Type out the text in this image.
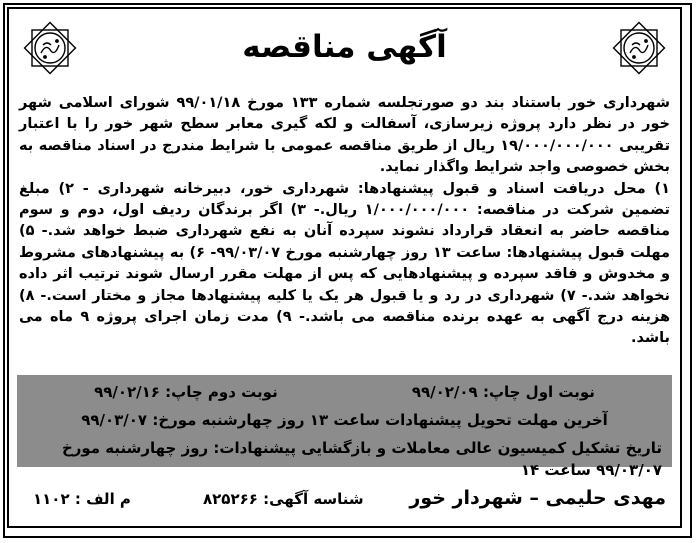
آگهی مناقصه

شهرداری خور باستناد بند دو صورتجلسه شماره ۱۳۳ مورخ ۹۹/۰۱/۱۸ شورای اسلامی شهر خور در نظر دارد پروژه زیرسازی، آسفالت و لکه گیری معابر سطح شهر خور را با اعتبار تقریبی ۱۹/۰۰۰/۰۰۰/۰۰۰ ریال از طریق مناقصه عمومی با شرایط مندرج در اسناد مناقصه به بخش خصوصی واجد شرایط واگذار نماید.

۱) محل دریافت اسناد و قبول پیشنهادها: شهرداری خور، دبیرخانه شهرداری - ۲) مبلغ تضمین شرکت در مناقصه: ۱/۰۰۰/۰۰۰/۰۰۰ ریال.- ۳) اگر برندگان ردیف اول، دوم و سوم مناقصه حاضر به انعقاد قرارداد نشوند سپرده آنان به نفع شهرداری ضبط خواهد شد.- ۵) مهلت قبول پیشنهادها: ساعت ۱۳ روز چهارشنبه مورخ ۹۹/۰۳/۰۷- ۶) به پیشنهادهای مشروط و مخدوش و فاقد سپرده و پیشنهادهایی که پس از مهلت مقرر ارسال شوند ترتیب اثر داده نخواهد شد.- ۷) شهرداری در رد و یا قبول هر یک یا کلیه پیشنهادها مجاز و مختار است.- ۸) هزینه درج آگهی به عهده برنده مناقصه می باشد.- ۹) مدت زمان اجرای پروژه ۹ ماه می باشد.

نوبت اول چاپ: ۹۹/۰۲/۰۹
نوبت دوم چاپ: ۹۹/۰۲/۱۶
آخرین مهلت تحویل پیشنهادات ساعت ۱۳ روز چهارشنبه مورخ: ۹۹/۰۳/۰۷
تاریخ تشکیل کمیسیون عالی معاملات و بازگشایی پیشنهادات: روز چهارشنبه مورخ ۹۹/۰۳/۰۷ ساعت ۱۴
مهدی حلیمی – شهردار خور
شناسه آگهی: ۸۲۵۲۶۶
م الف : ۱۱۰۲
